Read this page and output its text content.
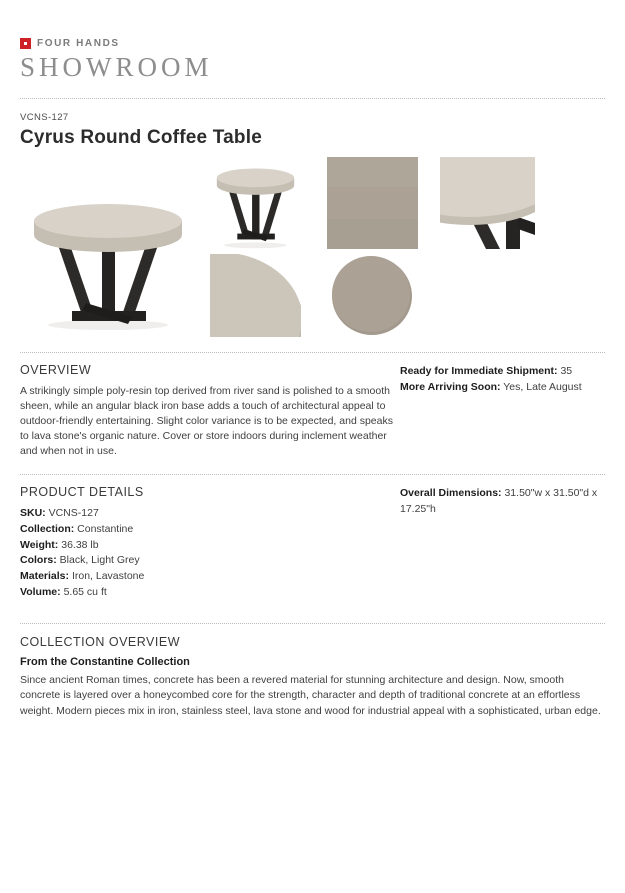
FOUR HANDS
SHOWROOM
VCNS-127
Cyrus Round Coffee Table
OVERVIEW

A strikingly simple poly-resin top derived from river sand is polished to a smooth sheen, while an angular black iron base adds a touch of architectural appeal to outdoor-friendly entertaining. Slight color variance is to be expected, and speaks to lava stone's organic nature. Cover or store indoors during inclement weather and when not in use.

Ready for Immediate Shipment: 35
More Arriving Soon: Yes, Late August
PRODUCT DETAILS
SKU: VCNS-127
Collection: Constantine
Weight: 36.38 lb
Colors: Black, Light Grey
Materials: Iron, Lavastone
Volume: 5.65 cu ft
Overall Dimensions: 31.50"w x 31.50"d x 17.25"h
COLLECTION OVERVIEW
From the Constantine Collection

Since ancient Roman times, concrete has been a revered material for stunning architecture and design. Now, smooth concrete is layered over a honeycombed core for the strength, character and depth of traditional concrete at an effortless weight. Modern pieces mix in iron, stainless steel, lava stone and wood for industrial appeal with a sophisticated, urban edge.
